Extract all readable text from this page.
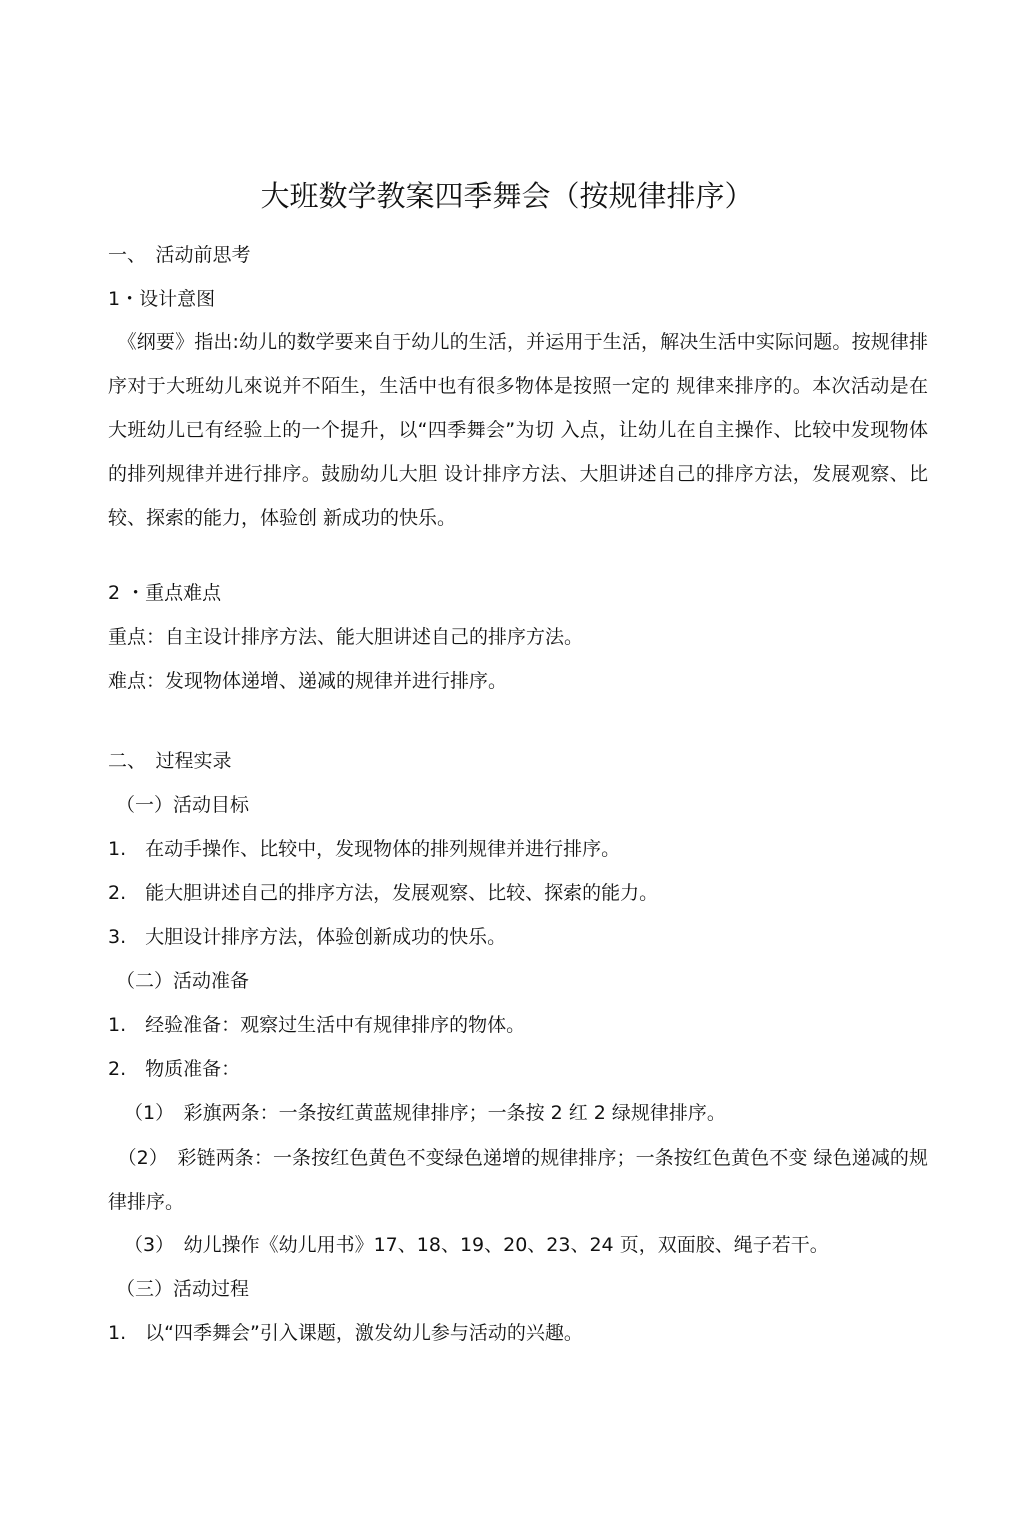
大班数学教案四季舞会（按规律排序）
一、　活动前思考
1・设计意图
　《纲要》指出:幼儿的数学要来自于幼儿的生活，并运用于生活，解决生活中实际问题。按规律排序对于大班幼儿來说并不陌生，生活中也有很多物体是按照一定的 规律来排序的。本次活动是在大班幼儿已有经验上的一个提升，以“四季舞会”为切 入点，让幼儿在自主操作、比较中发现物体的排列规律并进行排序。鼓励幼儿大胆 设计排序方法、大胆讲述自己的排序方法，发展观察、比较、探索的能力，体验创 新成功的快乐。
2 ・重点难点
重点：自主设计排序方法、能大胆讲述自己的排序方法。
难点：发现物体递增、递减的规律并进行排序。
二、　过程实录
（一）活动目标
1.　在动手操作、比较中，发现物体的排列规律并进行排序。
2.　能大胆讲述自己的排序方法，发展观察、比较、探索的能力。
3.　大胆设计排序方法，体验创新成功的快乐。
（二）活动准备
1.　经验准备：观察过生活中有规律排序的物体。
2.　物质准备：
（1）　彩旗两条：一条按红黄蓝规律排序；一条按 2 红 2 绿规律排序。
　（2）　彩链两条：一条按红色黄色不变绿色递增的规律排序；一条按红色黄色不变 绿色递减的规律排序。
（3）　幼儿操作《幼儿用书》17、18、19、20、23、24 页，双面胶、绳子若干。
（三）活动过程
1.　以“四季舞会”引入课题，激发幼儿参与活动的兴趣。
